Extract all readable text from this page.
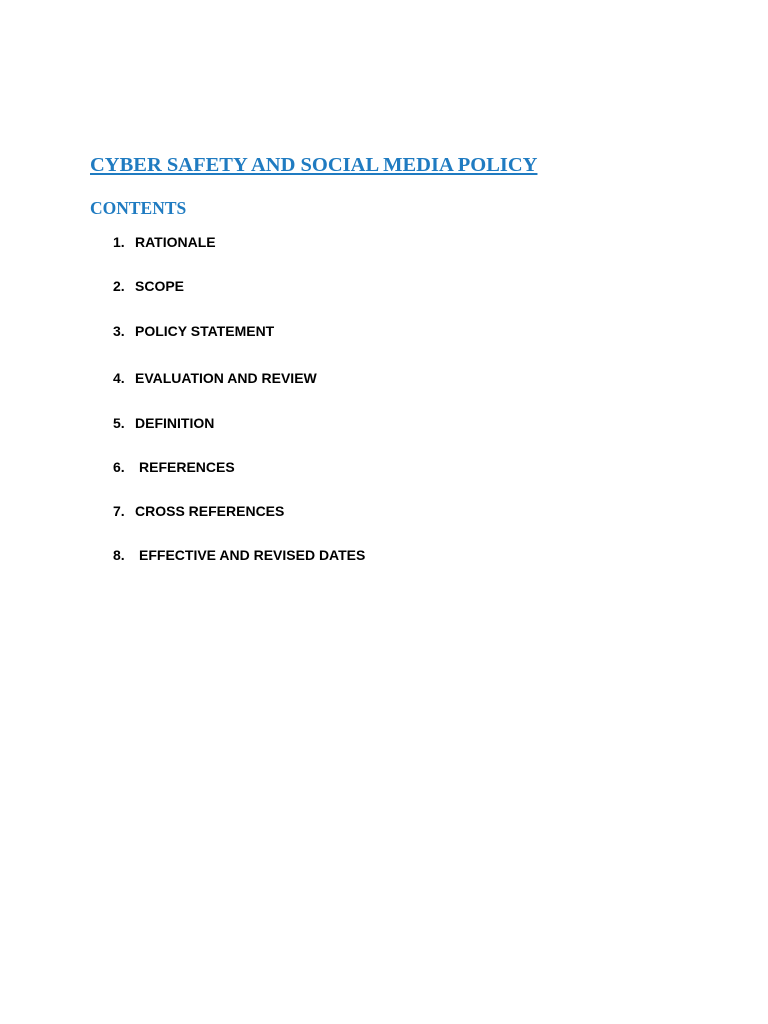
CYBER SAFETY AND SOCIAL MEDIA POLICY
CONTENTS
1. RATIONALE
2. SCOPE
3. POLICY STATEMENT
4. EVALUATION AND REVIEW
5. DEFINITION
6.	REFERENCES
7. CROSS REFERENCES
8.	EFFECTIVE AND REVISED DATES
